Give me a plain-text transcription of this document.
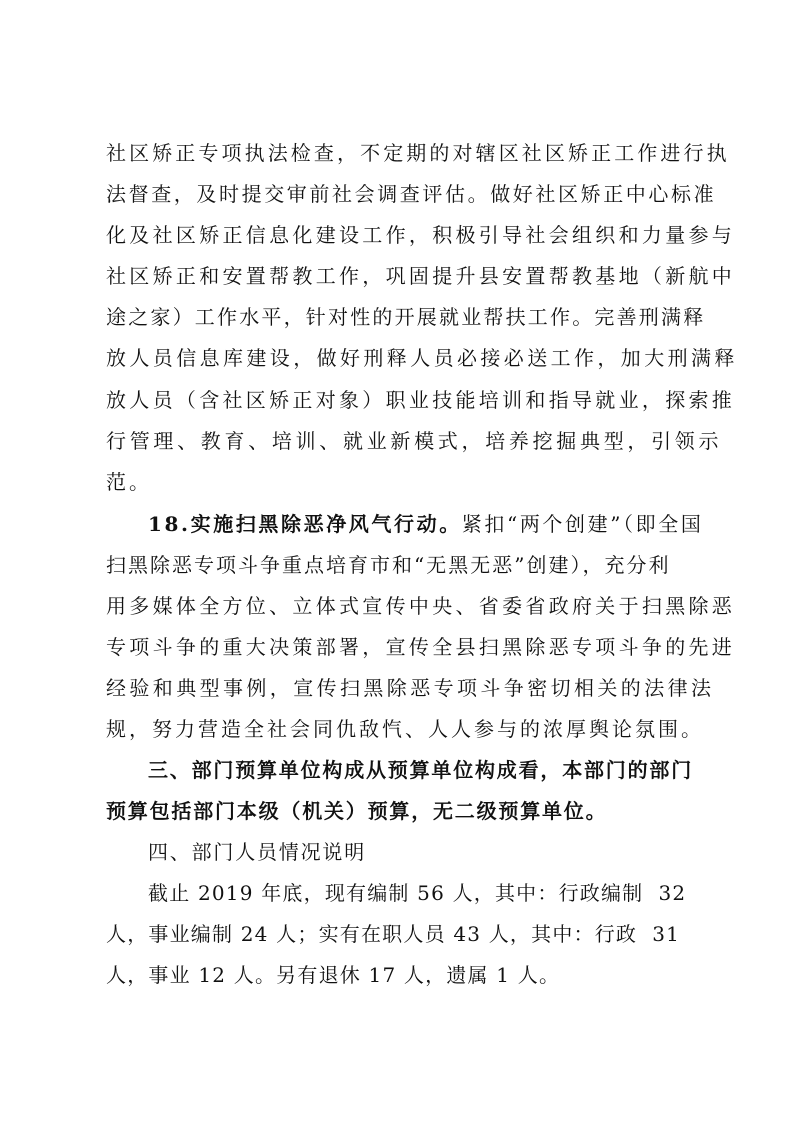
社区矫正专项执法检查，不定期的对辖区社区矫正工作进行执
法督查，及时提交审前社会调查评估。做好社区矫正中心标准
化及社区矫正信息化建设工作，积极引导社会组织和力量参与
社区矫正和安置帮教工作，巩固提升县安置帮教基地（新航中
途之家）工作水平，针对性的开展就业帮扶工作。完善刑满释
放人员信息库建设，做好刑释人员必接必送工作，加大刑满释
放人员（含社区矫正对象）职业技能培训和指导就业，探索推
行管理、教育、培训、就业新模式，培养挖掘典型，引领示
范。
18.实施扫黑除恶净风气行动。紧扣“两个创建”（即全国
扫黑除恶专项斗争重点培育市和“无黑无恶”创建），充分利
用多媒体全方位、立体式宣传中央、省委省政府关于扫黑除恶
专项斗争的重大决策部署，宣传全县扫黑除恶专项斗争的先进
经验和典型事例，宣传扫黑除恶专项斗争密切相关的法律法
规，努力营造全社会同仇敌忾、人人参与的浓厚舆论氛围。
三、部门预算单位构成从预算单位构成看，本部门的部门
预算包括部门本级（机关）预算，无二级预算单位。
四、部门人员情况说明
截止 2019 年底，现有编制 56 人，其中：行政编制  32
人，事业编制 24 人；实有在职人员 43 人，其中：行政  31
人，事业 12 人。另有退休 17 人，遗属 1 人。
